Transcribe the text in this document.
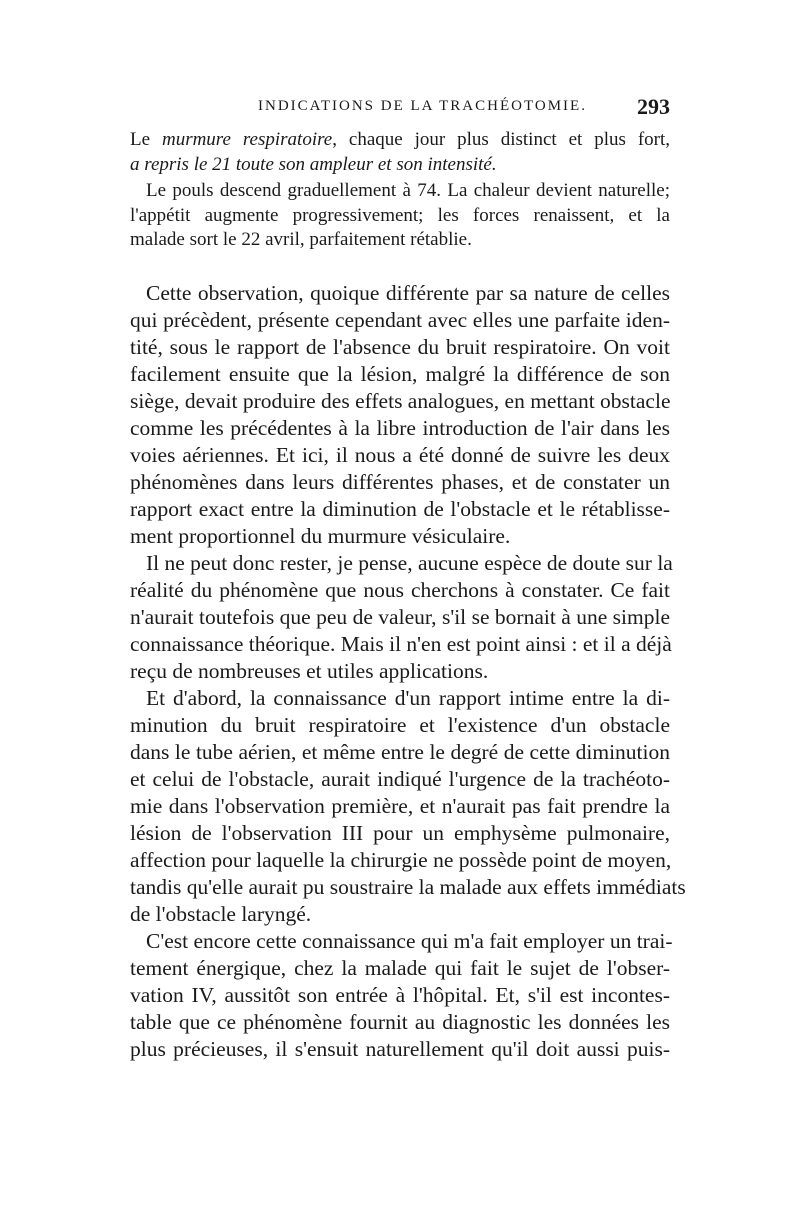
INDICATIONS DE LA TRACHÉOTOMIE. 293
Le murmure respiratoire, chaque jour plus distinct et plus fort,
a repris le 21 toute son ampleur et son intensité.
Le pouls descend graduellement à 74. La chaleur devient naturelle;
l'appétit augmente progressivement; les forces renaissent, et la
malade sort le 22 avril, parfaitement rétablie.
Cette observation, quoique différente par sa nature de celles
qui précèdent, présente cependant avec elles une parfaite iden-
tité, sous le rapport de l'absence du bruit respiratoire. On voit
facilement ensuite que la lésion, malgré la différence de son
siège, devait produire des effets analogues, en mettant obstacle
comme les précédentes à la libre introduction de l'air dans les
voies aériennes. Et ici, il nous a été donné de suivre les deux
phénomènes dans leurs différentes phases, et de constater un
rapport exact entre la diminution de l'obstacle et le rétablisse-
ment proportionnel du murmure vésiculaire.
Il ne peut donc rester, je pense, aucune espèce de doute sur la
réalité du phénomène que nous cherchons à constater. Ce fait
n'aurait toutefois que peu de valeur, s'il se bornait à une simple
connaissance théorique. Mais il n'en est point ainsi : et il a déjà
reçu de nombreuses et utiles applications.
Et d'abord, la connaissance d'un rapport intime entre la di-
minution du bruit respiratoire et l'existence d'un obstacle
dans le tube aérien, et même entre le degré de cette diminution
et celui de l'obstacle, aurait indiqué l'urgence de la trachéoto-
mie dans l'observation première, et n'aurait pas fait prendre la
lésion de l'observation III pour un emphysème pulmonaire,
affection pour laquelle la chirurgie ne possède point de moyen,
tandis qu'elle aurait pu soustraire la malade aux effets immédiats
de l'obstacle laryngé.
C'est encore cette connaissance qui m'a fait employer un trai-
tement énergique, chez la malade qui fait le sujet de l'obser-
vation IV, aussitôt son entrée à l'hôpital. Et, s'il est incontes-
table que ce phénomène fournit au diagnostic les données les
plus précieuses, il s'ensuit naturellement qu'il doit aussi puis-
